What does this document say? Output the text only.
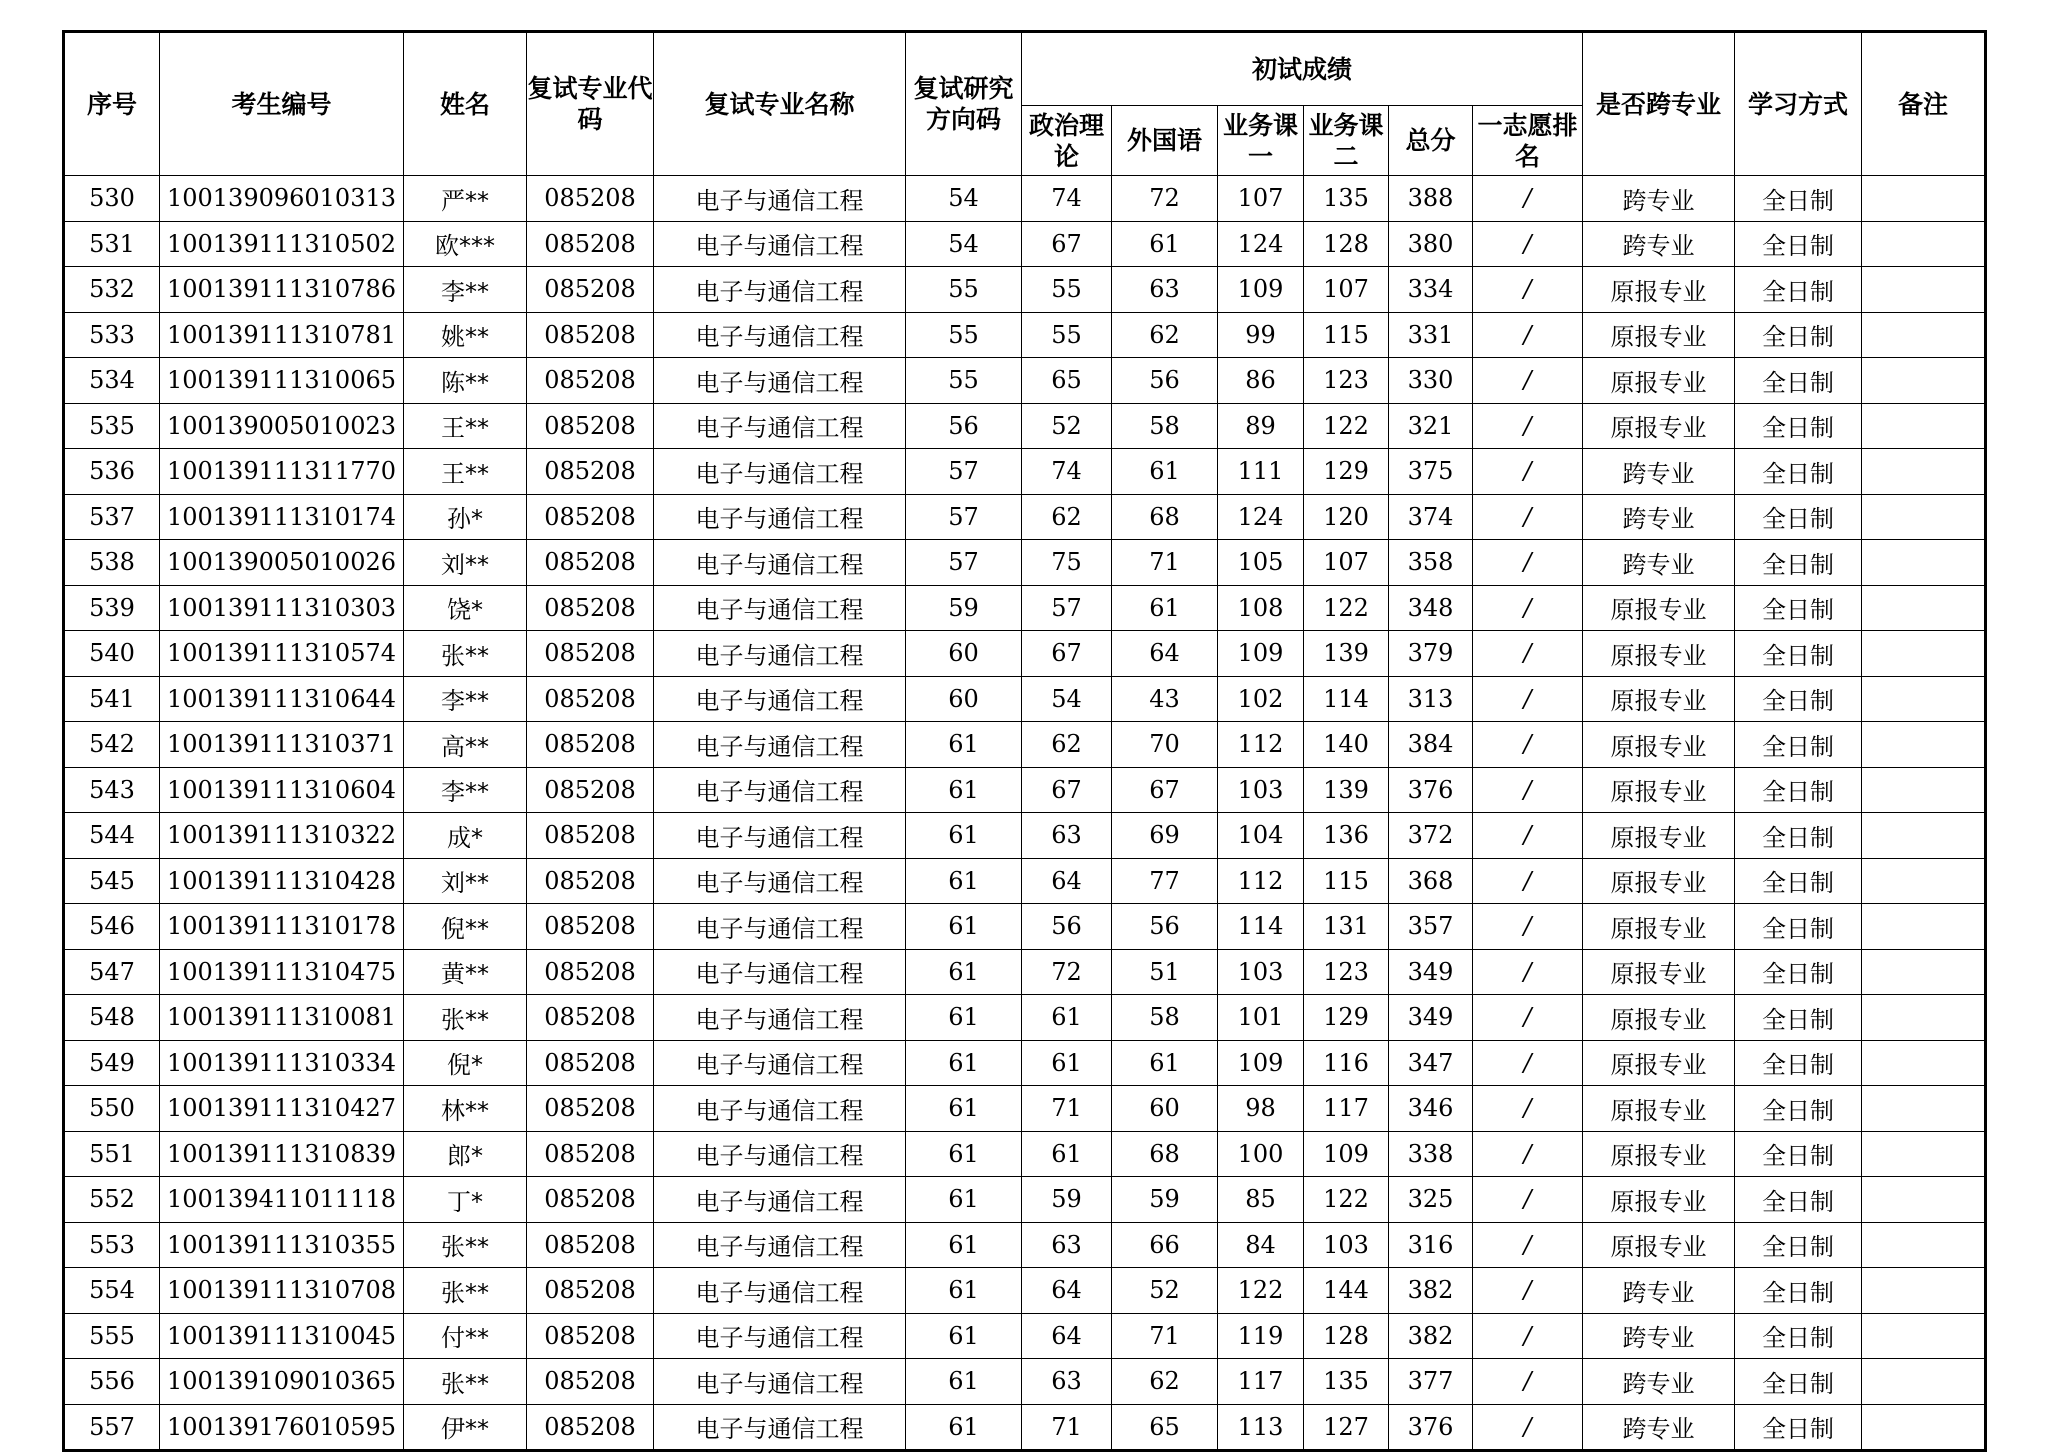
序号	考生编号	姓名	复试专业代码	复试专业名称	复试研究方向码	初试成绩						是否跨专业	学习方式	备注
						政治理论	外国语	业务课一	业务课二	总分	一志愿排名			
530	100139096010313	严**	085208	电子与通信工程	54	74	72	107	135	388	/	跨专业	全日制	
531	100139111310502	欧***	085208	电子与通信工程	54	67	61	124	128	380	/	跨专业	全日制	
532	100139111310786	李**	085208	电子与通信工程	55	55	63	109	107	334	/	原报专业	全日制	
533	100139111310781	姚**	085208	电子与通信工程	55	55	62	99	115	331	/	原报专业	全日制	
534	100139111310065	陈**	085208	电子与通信工程	55	65	56	86	123	330	/	原报专业	全日制	
535	100139005010023	王**	085208	电子与通信工程	56	52	58	89	122	321	/	原报专业	全日制	
536	100139111311770	王**	085208	电子与通信工程	57	74	61	111	129	375	/	跨专业	全日制	
537	100139111310174	孙*	085208	电子与通信工程	57	62	68	124	120	374	/	跨专业	全日制	
538	100139005010026	刘**	085208	电子与通信工程	57	75	71	105	107	358	/	跨专业	全日制	
539	100139111310303	饶*	085208	电子与通信工程	59	57	61	108	122	348	/	原报专业	全日制	
540	100139111310574	张**	085208	电子与通信工程	60	67	64	109	139	379	/	原报专业	全日制	
541	100139111310644	李**	085208	电子与通信工程	60	54	43	102	114	313	/	原报专业	全日制	
542	100139111310371	高**	085208	电子与通信工程	61	62	70	112	140	384	/	原报专业	全日制	
543	100139111310604	李**	085208	电子与通信工程	61	67	67	103	139	376	/	原报专业	全日制	
544	100139111310322	成*	085208	电子与通信工程	61	63	69	104	136	372	/	原报专业	全日制	
545	100139111310428	刘**	085208	电子与通信工程	61	64	77	112	115	368	/	原报专业	全日制	
546	100139111310178	倪**	085208	电子与通信工程	61	56	56	114	131	357	/	原报专业	全日制	
547	100139111310475	黄**	085208	电子与通信工程	61	72	51	103	123	349	/	原报专业	全日制	
548	100139111310081	张**	085208	电子与通信工程	61	61	58	101	129	349	/	原报专业	全日制	
549	100139111310334	倪*	085208	电子与通信工程	61	61	61	109	116	347	/	原报专业	全日制	
550	100139111310427	林**	085208	电子与通信工程	61	71	60	98	117	346	/	原报专业	全日制	
551	100139111310839	郎*	085208	电子与通信工程	61	61	68	100	109	338	/	原报专业	全日制	
552	100139411011118	丁*	085208	电子与通信工程	61	59	59	85	122	325	/	原报专业	全日制	
553	100139111310355	张**	085208	电子与通信工程	61	63	66	84	103	316	/	原报专业	全日制	
554	100139111310708	张**	085208	电子与通信工程	61	64	52	122	144	382	/	跨专业	全日制	
555	100139111310045	付**	085208	电子与通信工程	61	64	71	119	128	382	/	跨专业	全日制	
556	100139109010365	张**	085208	电子与通信工程	61	63	62	117	135	377	/	跨专业	全日制	
557	100139176010595	伊**	085208	电子与通信工程	61	71	65	113	127	376	/	跨专业	全日制	
